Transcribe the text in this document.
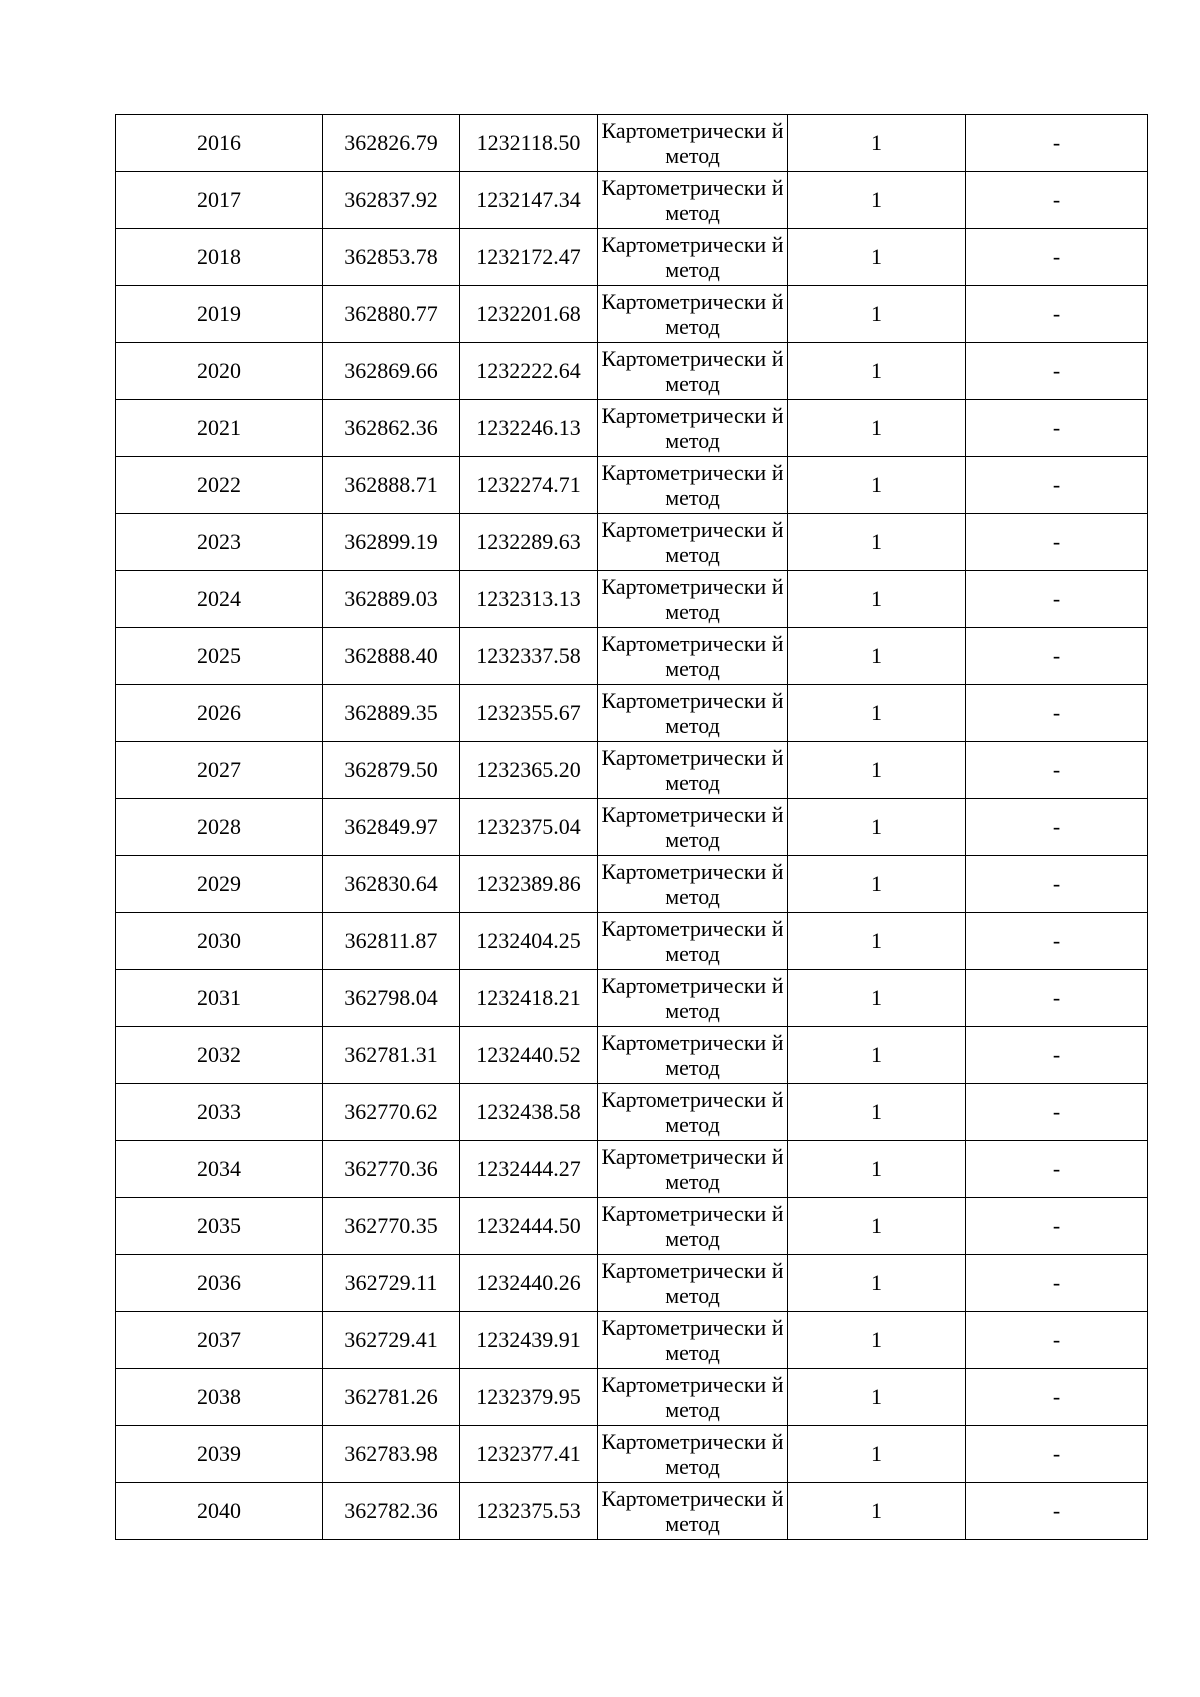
2016	362826.79	1232118.50	Картометрически й метод	1	-
2017	362837.92	1232147.34	Картометрически й метод	1	-
2018	362853.78	1232172.47	Картометрически й метод	1	-
2019	362880.77	1232201.68	Картометрически й метод	1	-
2020	362869.66	1232222.64	Картометрически й метод	1	-
2021	362862.36	1232246.13	Картометрически й метод	1	-
2022	362888.71	1232274.71	Картометрически й метод	1	-
2023	362899.19	1232289.63	Картометрически й метод	1	-
2024	362889.03	1232313.13	Картометрически й метод	1	-
2025	362888.40	1232337.58	Картометрически й метод	1	-
2026	362889.35	1232355.67	Картометрически й метод	1	-
2027	362879.50	1232365.20	Картометрически й метод	1	-
2028	362849.97	1232375.04	Картометрически й метод	1	-
2029	362830.64	1232389.86	Картометрически й метод	1	-
2030	362811.87	1232404.25	Картометрически й метод	1	-
2031	362798.04	1232418.21	Картометрически й метод	1	-
2032	362781.31	1232440.52	Картометрически й метод	1	-
2033	362770.62	1232438.58	Картометрически й метод	1	-
2034	362770.36	1232444.27	Картометрически й метод	1	-
2035	362770.35	1232444.50	Картометрически й метод	1	-
2036	362729.11	1232440.26	Картометрически й метод	1	-
2037	362729.41	1232439.91	Картометрически й метод	1	-
2038	362781.26	1232379.95	Картометрически й метод	1	-
2039	362783.98	1232377.41	Картометрически й метод	1	-
2040	362782.36	1232375.53	Картометрически й метод	1	-
